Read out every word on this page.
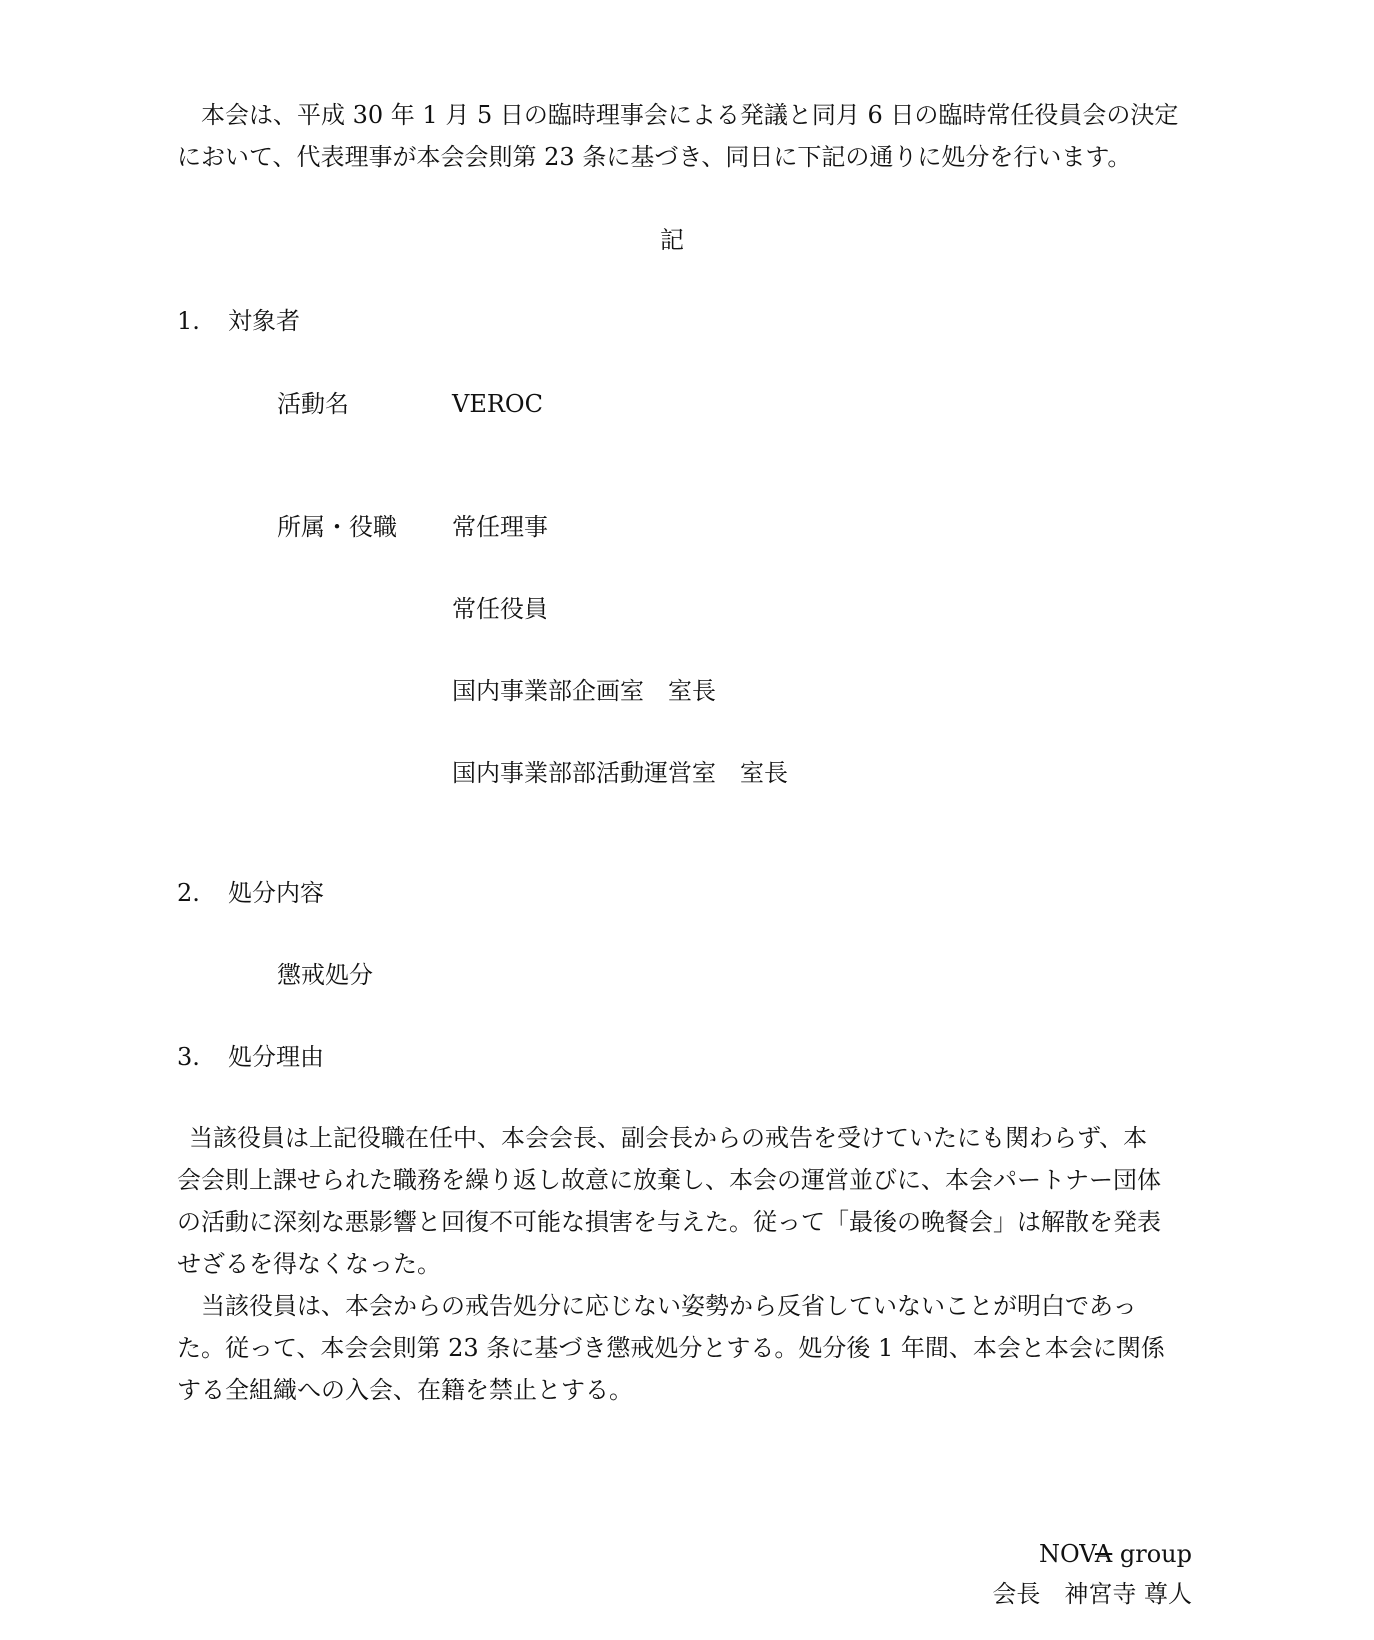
本会は、平成 30 年 1 月 5 日の臨時理事会による発議と同月 6 日の臨時常任役員会の決定
において、代表理事が本会会則第 23 条に基づき、同日に下記の通りに処分を行います。
記
1. 対象者
活動名	VEROC
所属・役職 常任理事
常任役員
国内事業部企画室　室長
国内事業部部活動運営室　室長
2. 処分内容
懲戒処分
3. 処分理由
当該役員は上記役職在任中、本会会長、副会長からの戒告を受けていたにも関わらず、本
会会則上課せられた職務を繰り返し故意に放棄し、本会の運営並びに、本会パートナー団体
の活動に深刻な悪影響と回復不可能な損害を与えた。従って「最後の晩餐会」は解散を発表
せざるを得なくなった。
当該役員は、本会からの戒告処分に応じない姿勢から反省していないことが明白であっ
た。従って、本会会則第 23 条に基づき懲戒処分とする。処分後 1 年間、本会と本会に関係
する全組織への入会、在籍を禁止とする。
NOVA group
会長　神宮寺 尊人
